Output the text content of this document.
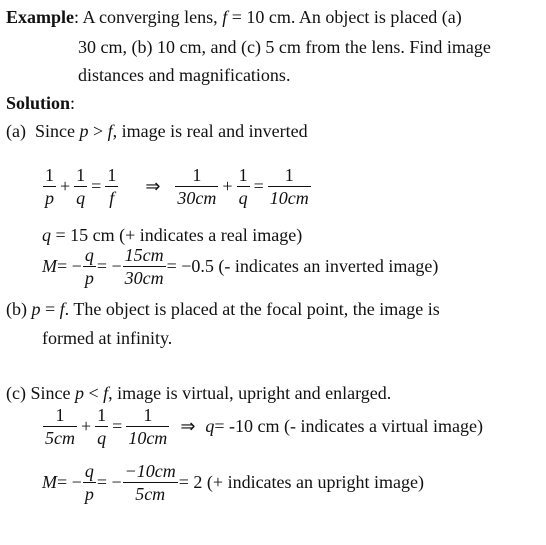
Example: A converging lens, f = 10 cm. An object is placed (a)
30 cm, (b) 10 cm, and (c) 5 cm from the lens. Find image
distances and magnifications.
Solution:
(a) Since p > f, image is real and inverted
$\frac{1}{p} + \frac{1}{q} = \frac{1}{f}$	⇒ $\frac{1}{30cm} + \frac{1}{q} = \frac{1}{10cm}$
q = 15 cm (+ indicates a real image)
M = − $\frac{q}{p}$ = − $\frac{15cm}{30cm} = -0.5$ (- indicates an inverted image)
(b) p = f. The object is placed at the focal point, the image is
formed at infinity.
(c) Since p < f, image is virtual, upright and enlarged.
$\frac{1}{5cm} + \frac{1}{q} = \frac{1}{10cm}$ ⇒ q = -10 cm (- indicates a virtual image)
M = − $\frac{q}{p}$ = − $\frac{-10cm}{5cm} = 2$ (+ indicates an upright image)
